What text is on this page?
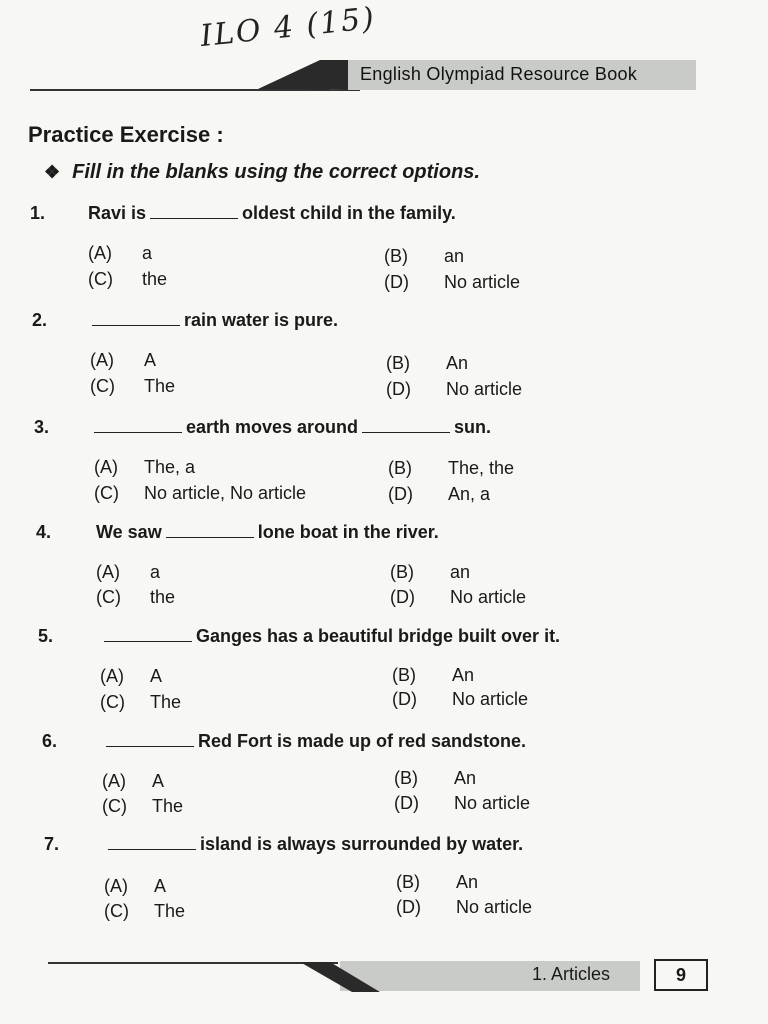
ILO 4 (15)
English Olympiad Resource Book
Practice Exercise :
❖ Fill in the blanks using the correct options.
1. Ravi is	oldest child in the family.
(A) a	(B) an
(C) the	(D) No article
2.	rain water is pure.
(A) A	(B) An
(C) The	(D) No article
3.	earth moves around	sun.
(A) The, a	(B) The, the
(C) No article, No article	(D) An, a
4. We saw	lone boat in the river.
(A) a	(B) an
(C) the	(D) No article
5.	Ganges has a beautiful bridge built over it.
(A) A	(B) An
(C) The	(D) No article
6.	Red Fort is made up of red sandstone.
(A) A	(B) An
(C) The	(D) No article
7.	island is always surrounded by water.
(A) A	(B) An
(C) The	(D) No article
1. Articles	9
